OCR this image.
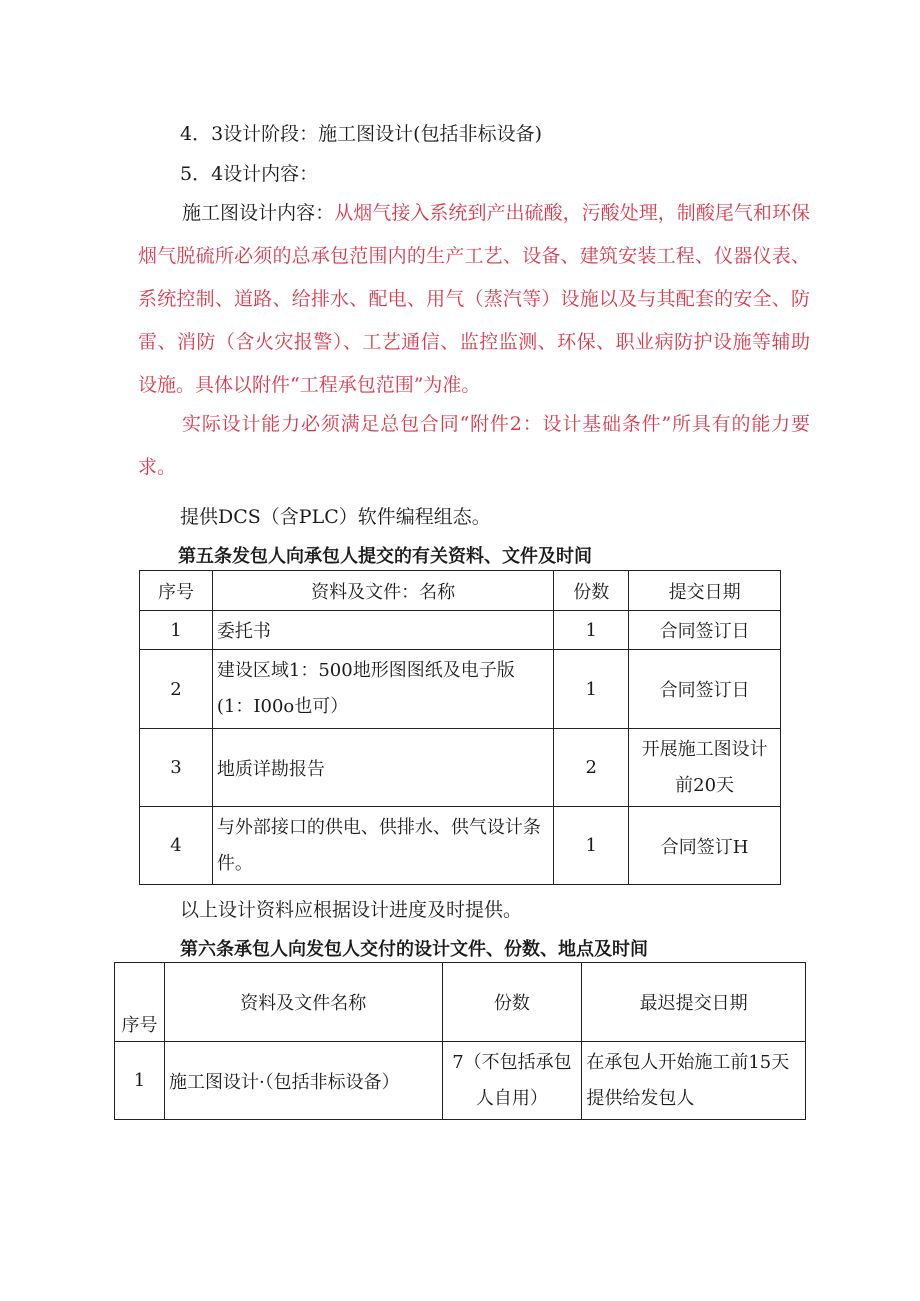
4．3设计阶段：施工图设计(包括非标设备)
5．4设计内容：
施工图设计内容：从烟气接入系统到产出硫酸，污酸处理，制酸尾气和环保烟气脱硫所必须的总承包范围内的生产工艺、设备、建筑安装工程、仪器仪表、系统控制、道路、给排水、配电、用气（蒸汽等）设施以及与其配套的安全、防雷、消防（含火灾报警）、工艺通信、监控监测、环保、职业病防护设施等辅助设施。具体以附件“工程承包范围”为准。
实际设计能力必须满足总包合同“附件2：设计基础条件”所具有的能力要求。
提供DCS（含PLC）软件编程组态。
第五条发包人向承包人提交的有关资料、文件及时间
序号	资料及文件：名称	份数	提交日期
1	委托书	1	合同签订日
2	建设区域1：500地形图图纸及电子版(1：I00o也可）	1	合同签订日
3	地质详勘报告	2	开展施工图设计前20天
4	与外部接口的供电、供排水、供气设计条件。	1	合同签订H
以上设计资料应根据设计进度及时提供。
第六条承包人向发包人交付的设计文件、份数、地点及时间
序号	资料及文件名称	份数	最迟提交日期
1	施工图设计·（包括非标设备）	7（不包括承包人自用）	在承包人开始施工前15天提供给发包人
